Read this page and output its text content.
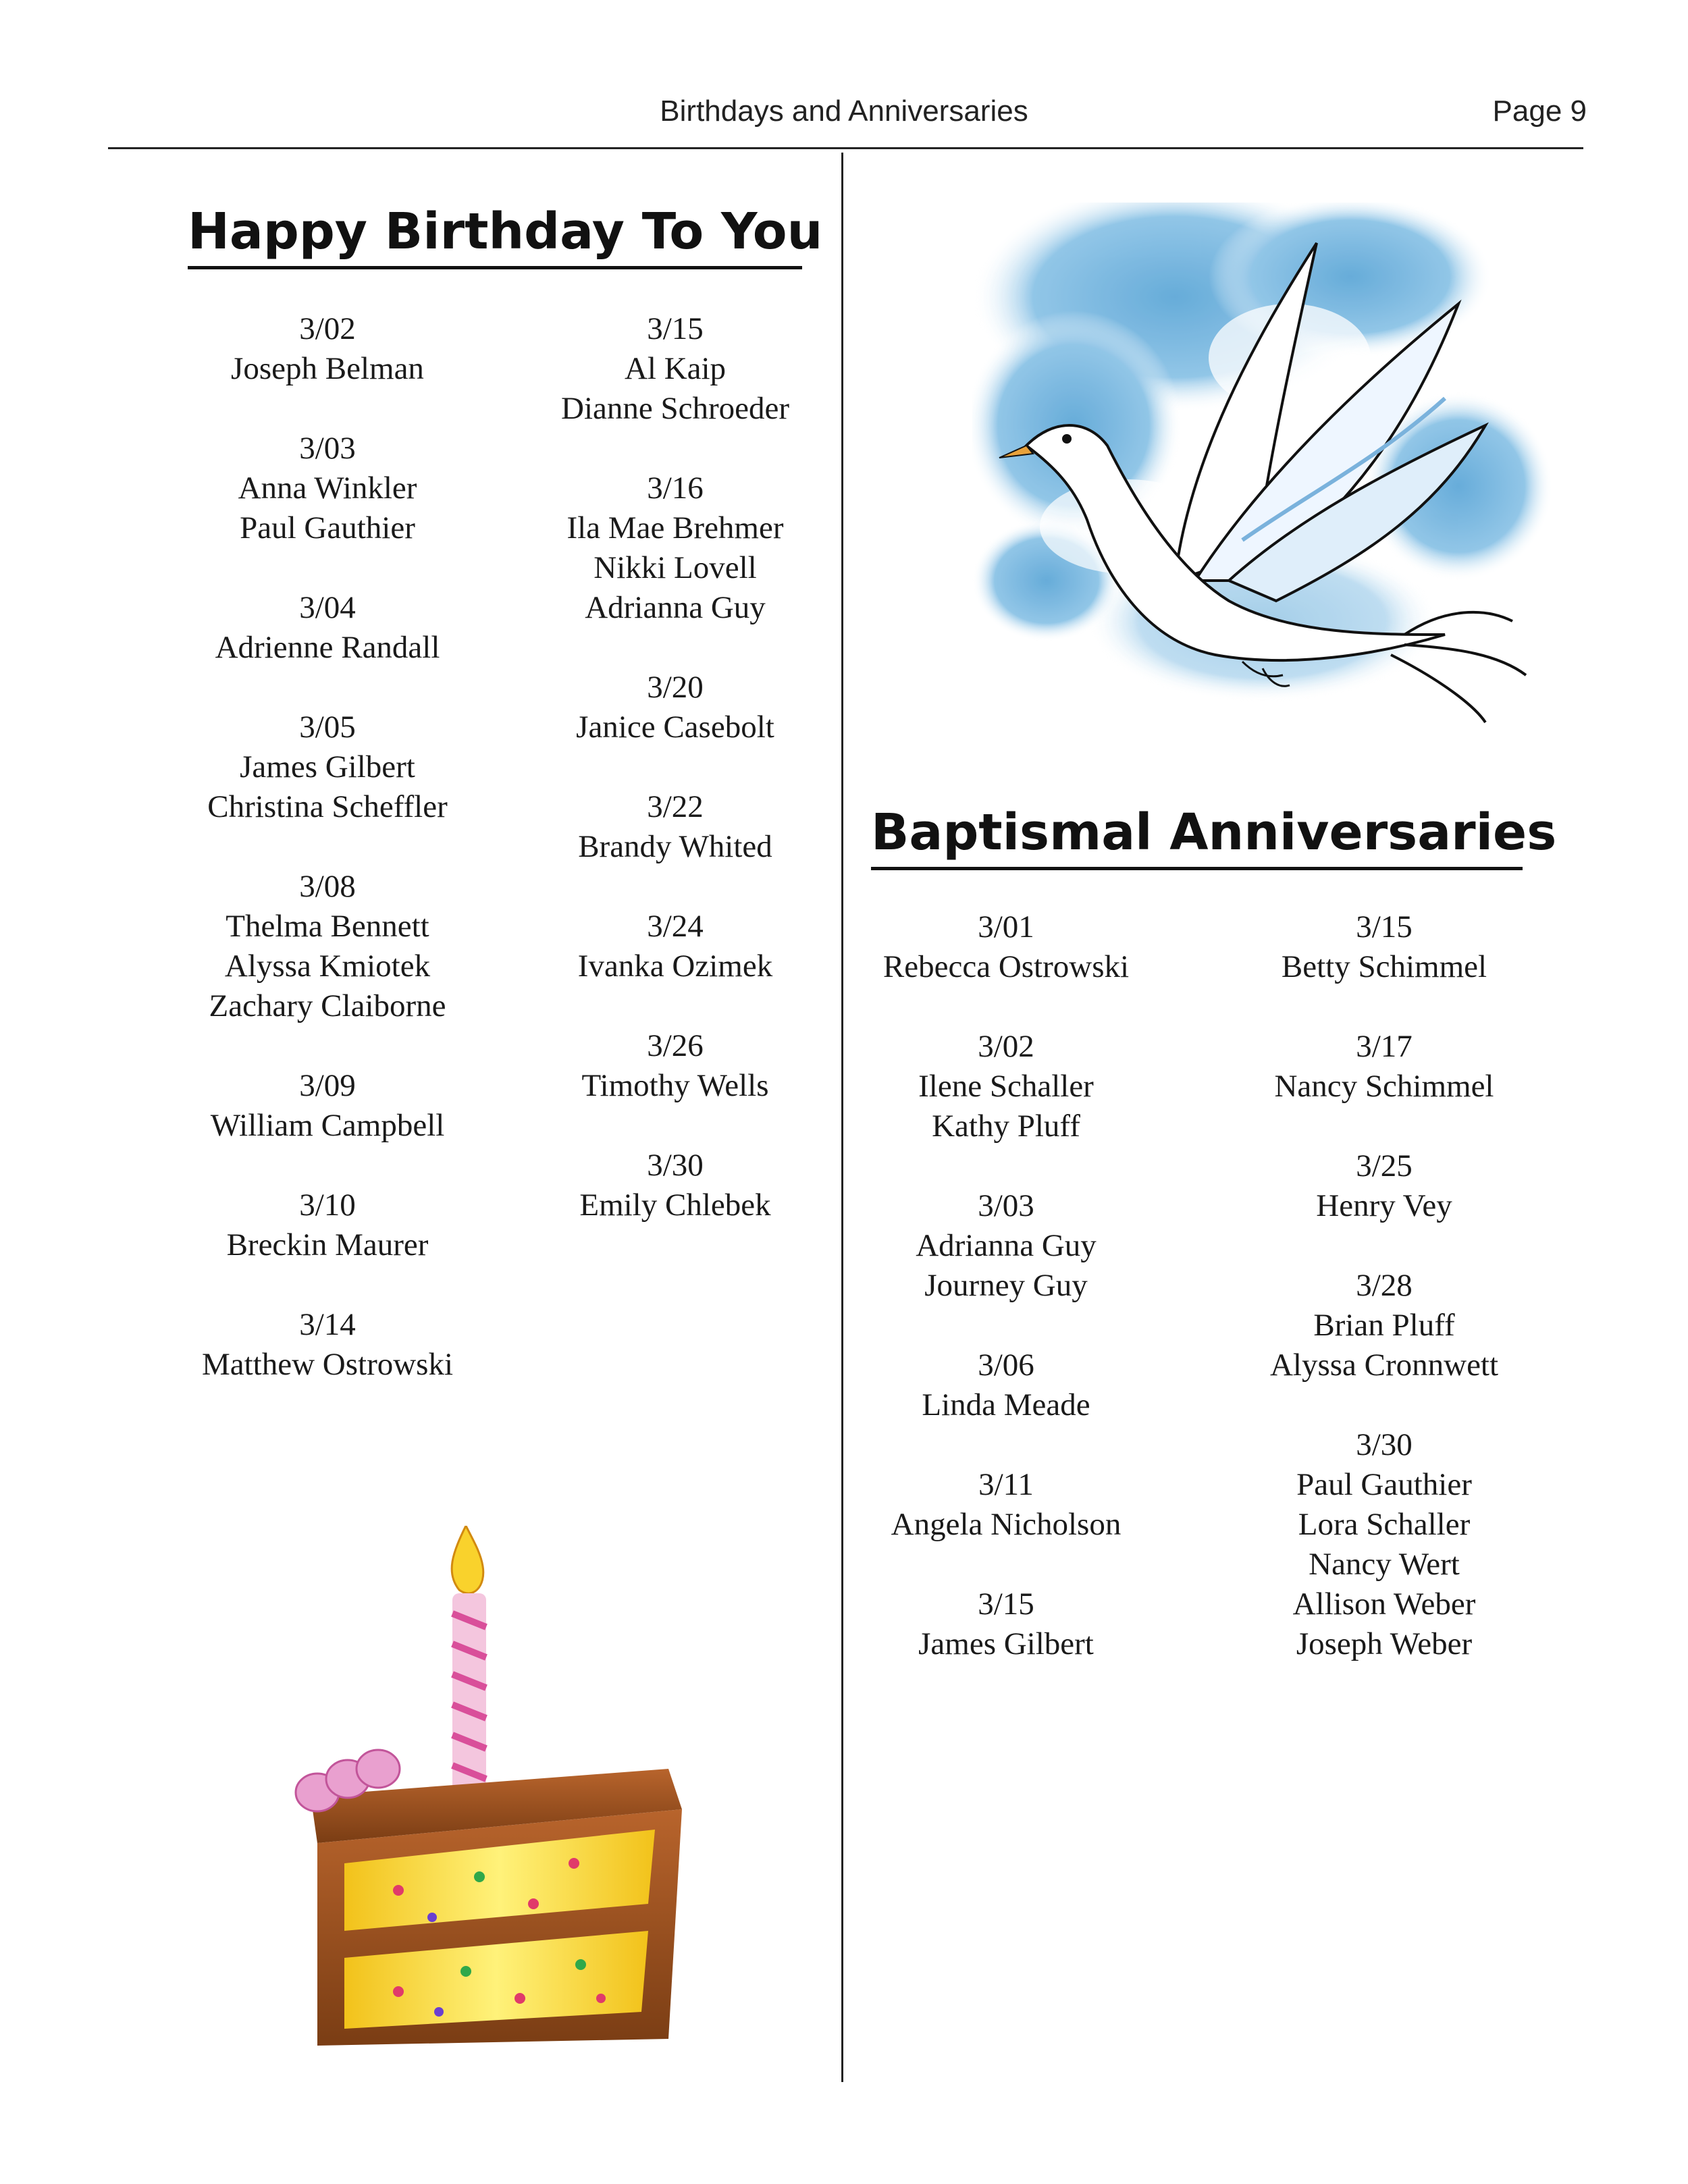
Birthdays and Anniversaries	Page 9
Happy Birthday To You
3/02
Joseph Belman
3/03
Anna Winkler
Paul Gauthier
3/04
Adrienne Randall
3/05
James Gilbert
Christina Scheffler
3/08
Thelma Bennett
Alyssa Kmiotek
Zachary Claiborne
3/09
William Campbell
3/10
Breckin Maurer
3/14
Matthew Ostrowski
3/15
Al Kaip
Dianne Schroeder
3/16
Ila Mae Brehmer
Nikki Lovell
Adrianna Guy
3/20
Janice Casebolt
3/22
Brandy Whited
3/24
Ivanka Ozimek
3/26
Timothy Wells
3/30
Emily Chlebek
Baptismal Anniversaries
3/01
Rebecca Ostrowski
3/02
Ilene Schaller
Kathy Pluff
3/03
Adrianna Guy
Journey Guy
3/06
Linda Meade
3/11
Angela Nicholson
3/15
James Gilbert
3/15
Betty Schimmel
3/17
Nancy Schimmel
3/25
Henry Vey
3/28
Brian Pluff
Alyssa Cronnwett
3/30
Paul Gauthier
Lora Schaller
Nancy Wert
Allison Weber
Joseph Weber
